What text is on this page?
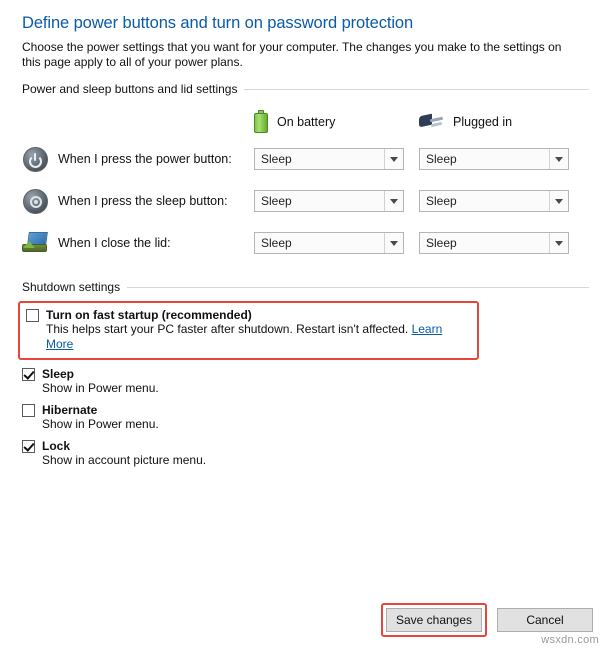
Define power buttons and turn on password protection
Choose the power settings that you want for your computer. The changes you make to the settings on this page apply to all of your power plans.
Power and sleep buttons and lid settings
On battery	Plugged in
When I press the power button:	Sleep	Sleep
When I press the sleep button:	Sleep	Sleep
When I close the lid:	Sleep	Sleep
Shutdown settings
Turn on fast startup (recommended)
This helps start your PC faster after shutdown. Restart isn't affected. Learn More
Sleep
Show in Power menu.
Hibernate
Show in Power menu.
Lock
Show in account picture menu.
Save changes	Cancel
wsxdn.com
